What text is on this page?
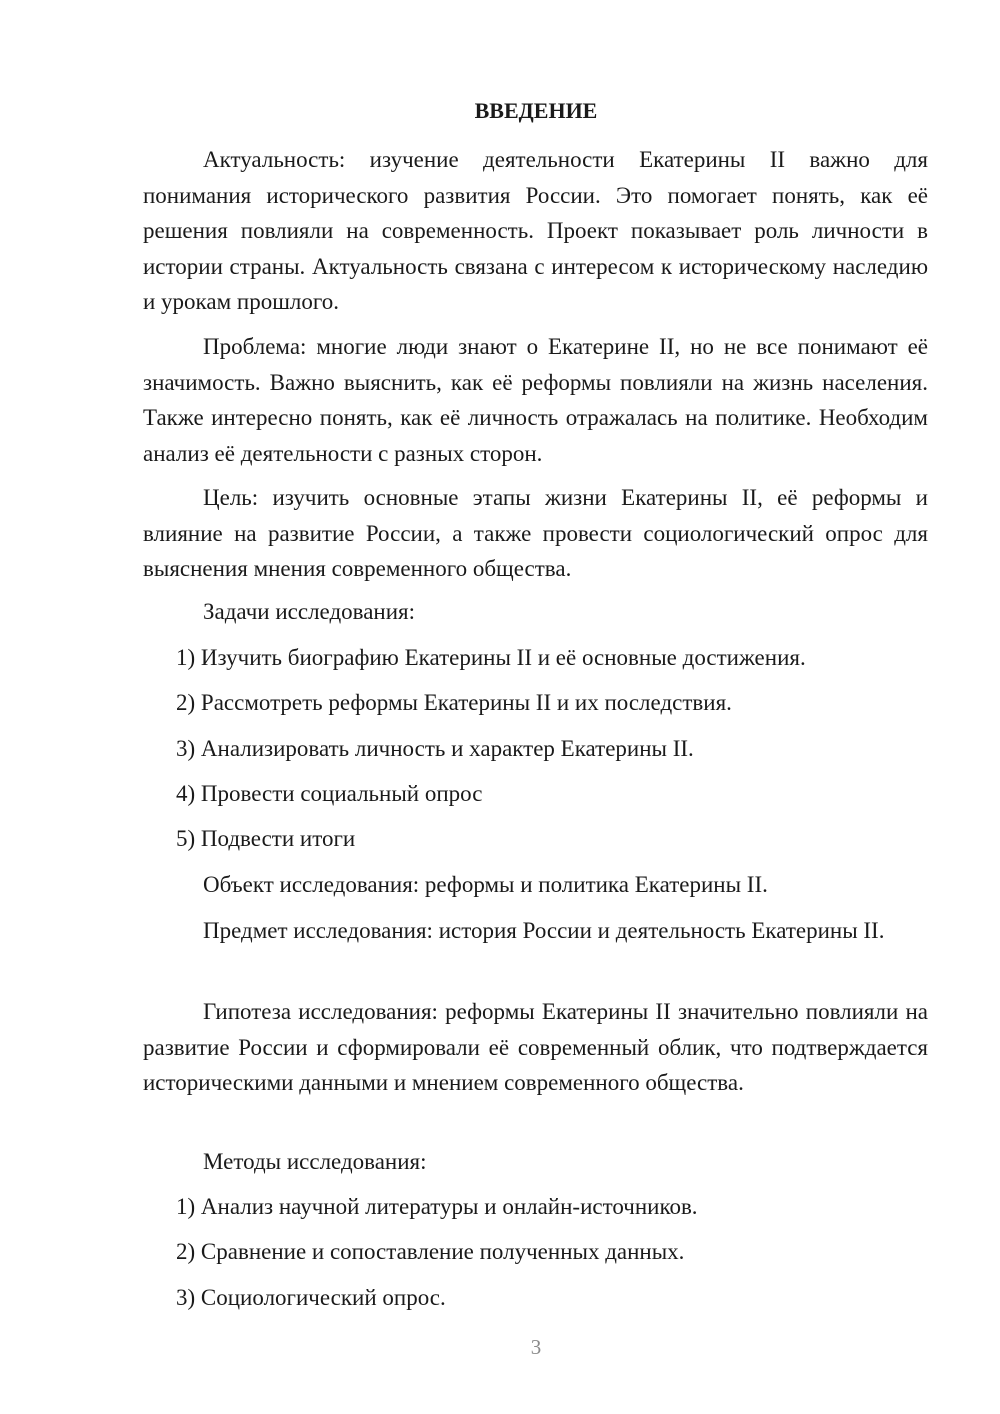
ВВЕДЕНИЕ

Актуальность: изучение деятельности Екатерины II важно для понимания исторического развития России. Это помогает понять, как её решения повлияли на современность. Проект показывает роль личности в истории страны. Актуальность связана с интересом к историческому наследию и урокам прошлого.

Проблема: многие люди знают о Екатерине II, но не все понимают её значимость. Важно выяснить, как её реформы повлияли на жизнь населения. Также интересно понять, как её личность отражалась на политике. Необходим анализ её деятельности с разных сторон.

Цель: изучить основные этапы жизни Екатерины II, её реформы и влияние на развитие России, а также провести социологический опрос для выяснения мнения современного общества.

Задачи исследования:

1) Изучить биографию Екатерины II и её основные достижения.

2) Рассмотреть реформы Екатерины II и их последствия.

3) Анализировать личность и характер Екатерины II.

4) Провести социальный опрос

5) Подвести итоги

Объект исследования: реформы и политика Екатерины II.

Предмет исследования: история России и деятельность Екатерины II.

Гипотеза исследования: реформы Екатерины II значительно повлияли на развитие России и сформировали её современный облик, что подтверждается историческими данными и мнением современного общества.

Методы исследования:

1) Анализ научной литературы и онлайн-источников.

2) Сравнение и сопоставление полученных данных.

3) Социологический опрос.

3
